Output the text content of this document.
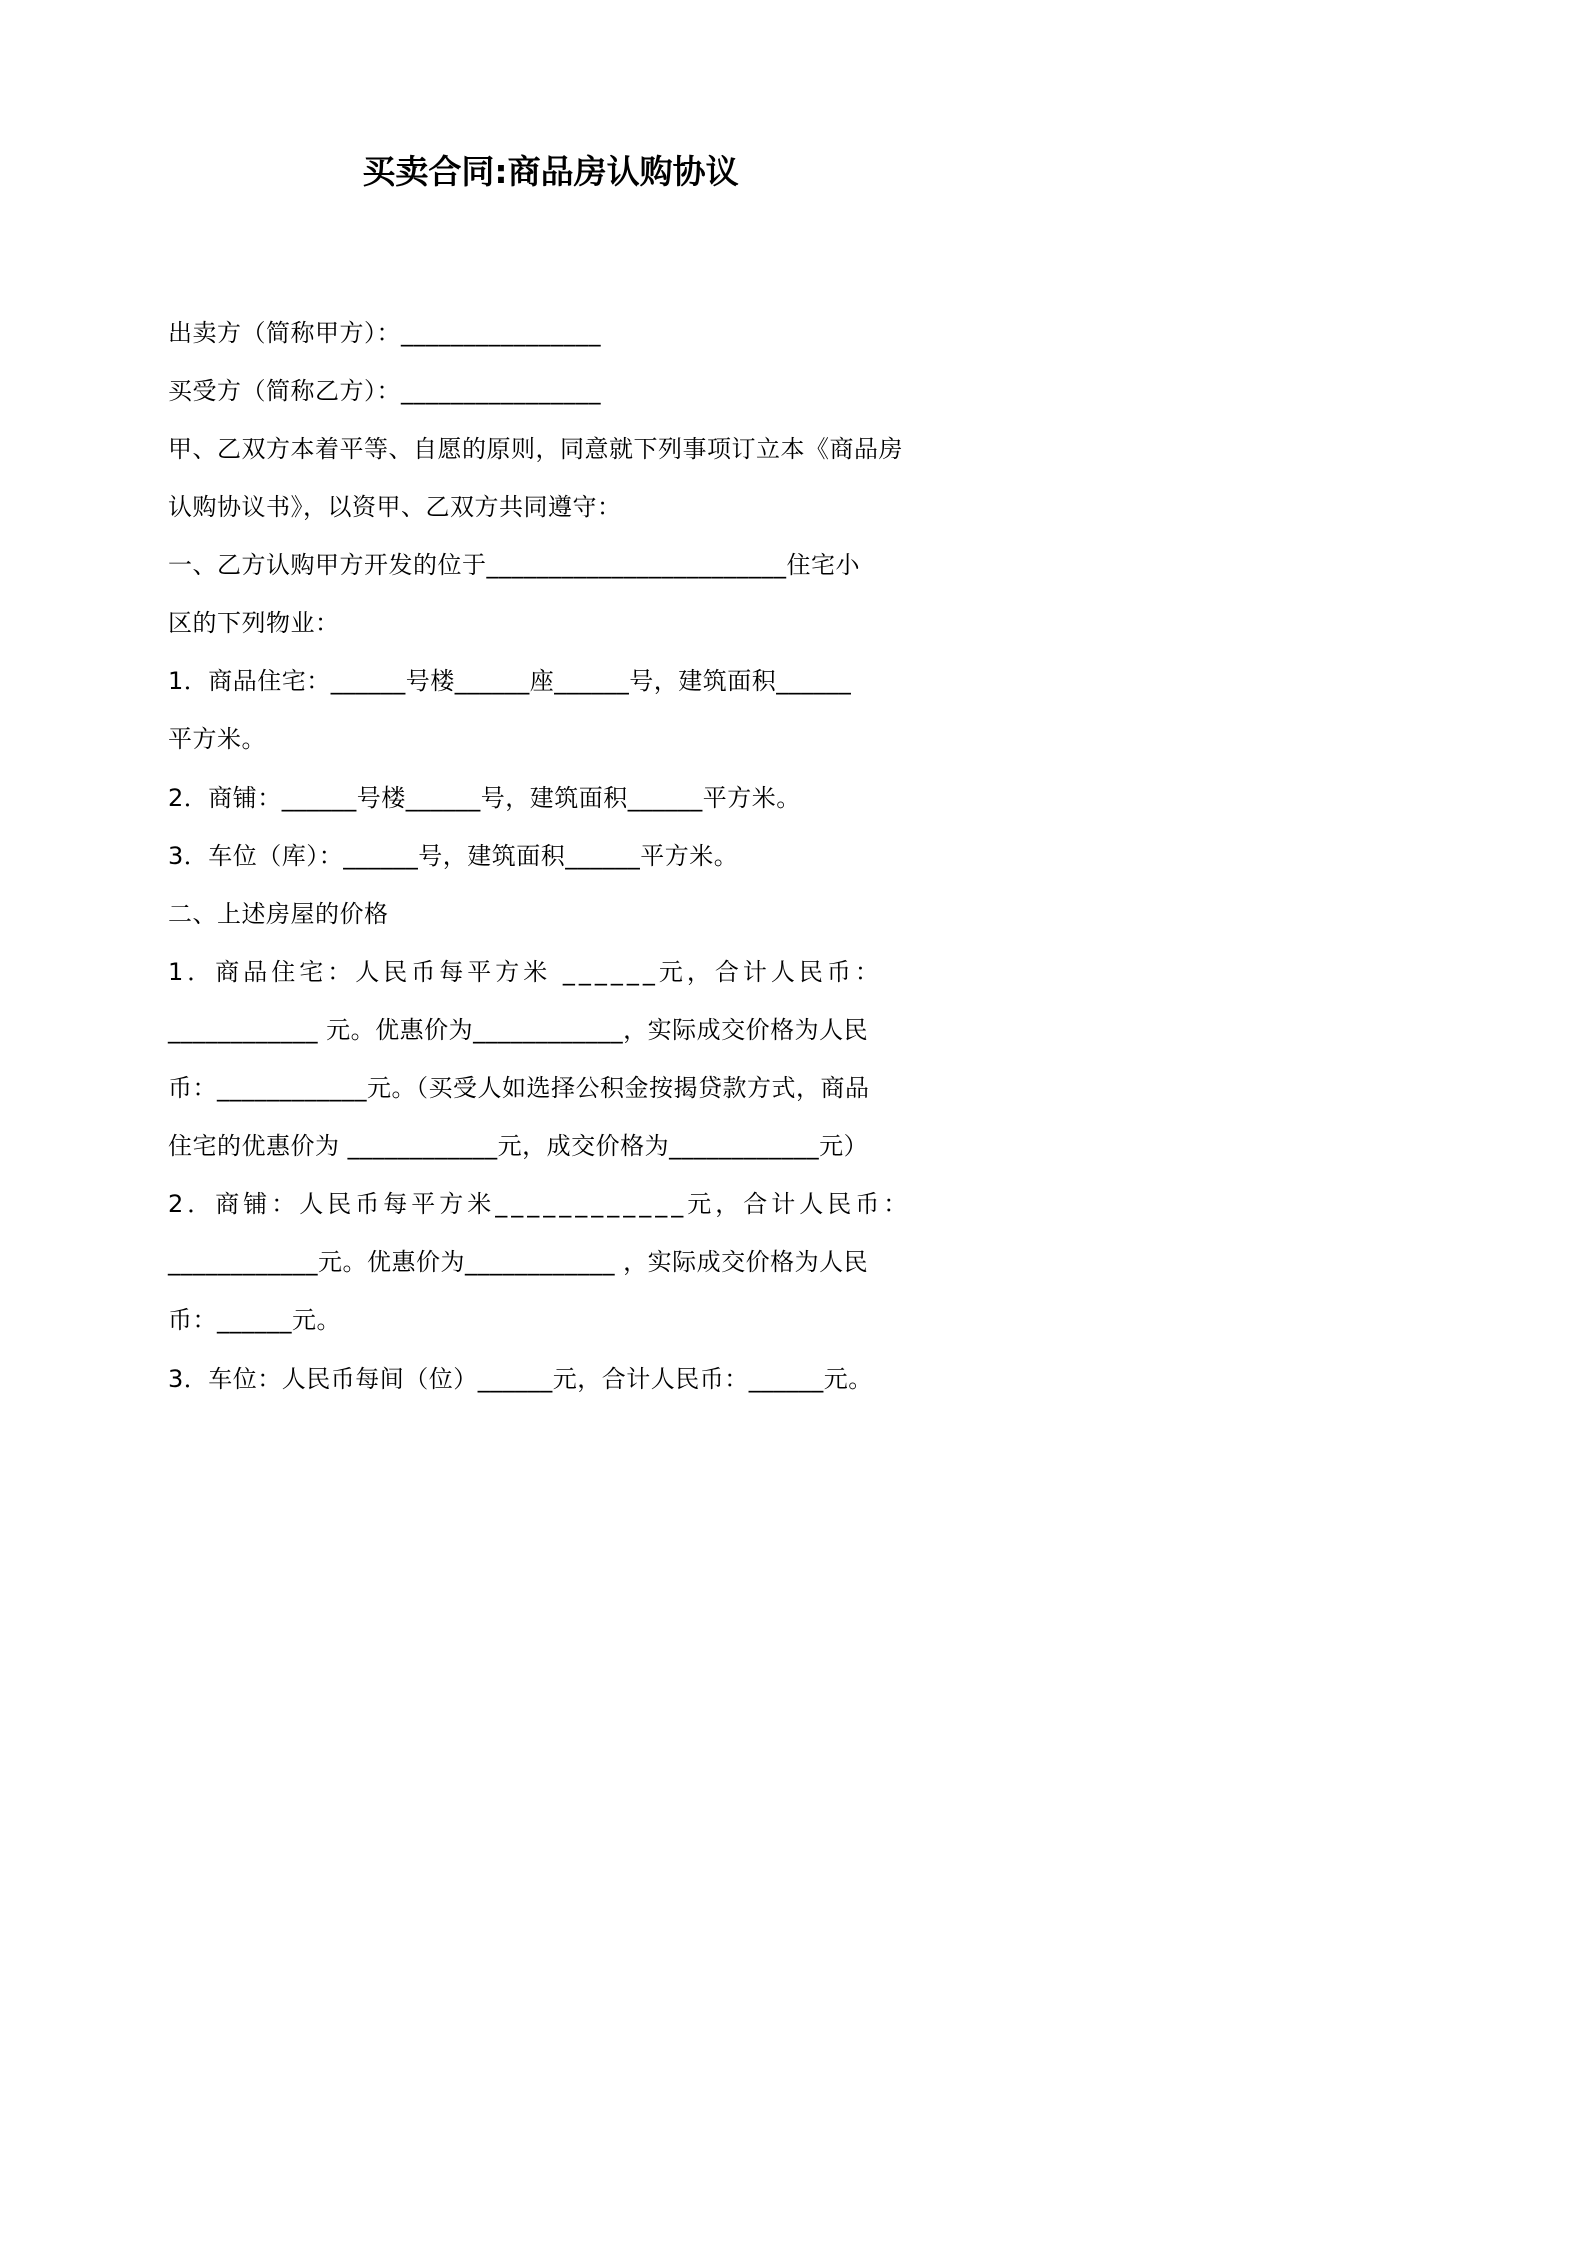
买卖合同:商品房认购协议
出卖方（简称甲方）：________________
买受方（简称乙方）：________________
甲、乙双方本着平等、自愿的原则，同意就下列事项订立本《商品房
认购协议书》，以资甲、乙双方共同遵守：
一、乙方认购甲方开发的位于________________________住宅小
区的下列物业：
1．商品住宅：______号楼______座______号，建筑面积______
平方米。
2．商铺：______号楼______号，建筑面积______平方米。
3．车位（库）：______号，建筑面积______平方米。
二、上述房屋的价格
1．商品住宅：人民币每平方米 ______元，合计人民币：
____________ 元。优惠价为____________，实际成交价格为人民
币：____________元。（买受人如选择公积金按揭贷款方式，商品
住宅的优惠价为 ____________元，成交价格为____________元）
2．商铺：人民币每平方米____________元，合计人民币：
____________元。优惠价为____________ ，实际成交价格为人民
币：______元。
3．车位：人民币每间（位）______元，合计人民币：______元。
